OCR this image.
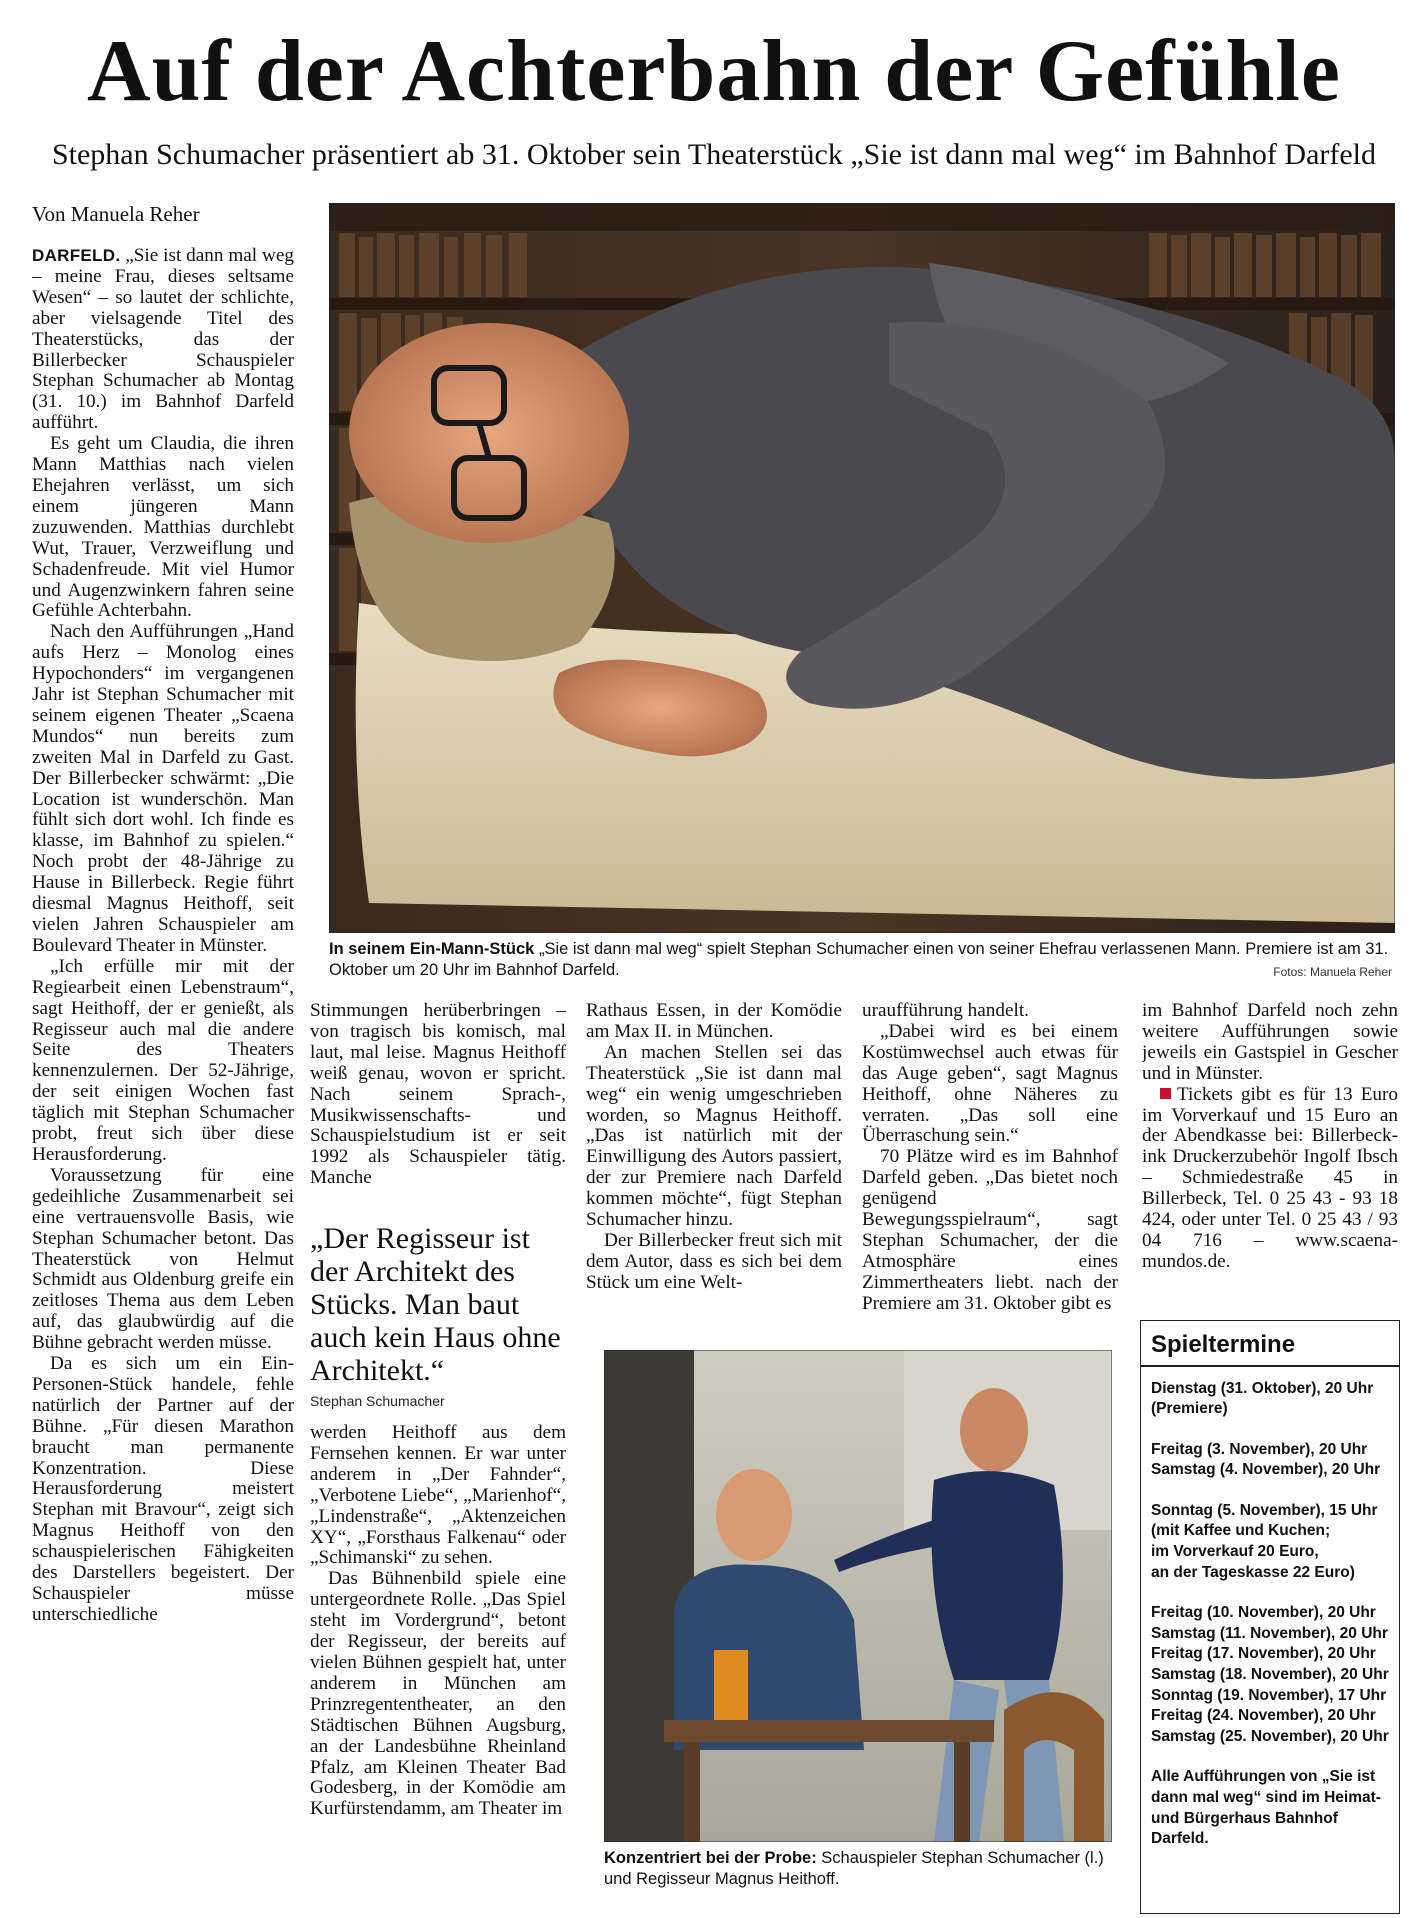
Auf der Achterbahn der Gefühle
Stephan Schumacher präsentiert ab 31. Oktober sein Theaterstück „Sie ist dann mal weg“ im Bahnhof Darfeld
Von Manuela Reher

DARFELD. „Sie ist dann mal weg – meine Frau, dieses seltsame Wesen“ – so lautet der schlichte, aber vielsagende Titel des Theaterstücks, das der Billerbecker Schauspieler Stephan Schumacher ab Montag (31. 10.) im Bahnhof Darfeld aufführt.

Es geht um Claudia, die ihren Mann Matthias nach vielen Ehejahren verlässt, um sich einem jüngeren Mann zuzuwenden. Matthias durchlebt Wut, Trauer, Verzweiflung und Schadenfreude. Mit viel Humor und Augenzwinkern fahren seine Gefühle Achterbahn.

Nach den Aufführungen „Hand aufs Herz – Monolog eines Hypochonders“ im vergangenen Jahr ist Stephan Schumacher mit seinem eigenen Theater „Scaena Mundos“ nun bereits zum zweiten Mal in Darfeld zu Gast. Der Billerbecker schwärmt: „Die Location ist wunderschön. Man fühlt sich dort wohl. Ich finde es klasse, im Bahnhof zu spielen.“ Noch probt der 48-Jährige zu Hause in Billerbeck. Regie führt diesmal Magnus Heithoff, seit vielen Jahren Schauspieler am Boulevard Theater in Münster.

„Ich erfülle mir mit der Regiearbeit einen Lebenstraum“, sagt Heithoff, der er genießt, als Regisseur auch mal die andere Seite des Theaters kennenzulernen. Der 52-Jährige, der seit einigen Wochen fast täglich mit Stephan Schumacher probt, freut sich über diese Herausforderung.

Voraussetzung für eine gedeihliche Zusammenarbeit sei eine vertrauensvolle Basis, wie Stephan Schumacher betont. Das Theaterstück von Helmut Schmidt aus Oldenburg greife ein zeitloses Thema aus dem Leben auf, das glaubwürdig auf die Bühne gebracht werden müsse.

Da es sich um ein Ein-Personen-Stück handele, fehle natürlich der Partner auf der Bühne. „Für diesen Marathon braucht man permanente Konzentration. Diese Herausforderung meistert Stephan mit Bravour“, zeigt sich Magnus Heithoff von den schauspielerischen Fähigkeiten des Darstellers begeistert. Der Schauspieler müsse unterschiedliche

In seinem Ein-Mann-Stück „Sie ist dann mal weg“ spielt Stephan Schumacher einen von seiner Ehefrau verlassenen Mann. Premiere ist am 31. Oktober um 20 Uhr im Bahnhof Darfeld.	Fotos: Manuela Reher

Stimmungen herüberbringen – von tragisch bis komisch, mal laut, mal leise. Magnus Heithoff weiß genau, wovon er spricht. Nach seinem Sprach-, Musikwissenschafts- und Schauspielstudium ist er seit 1992 als Schauspieler tätig. Manche

„Der Regisseur ist der Architekt des Stücks. Man baut auch kein Haus ohne Architekt.“
Stephan Schumacher

werden Heithoff aus dem Fernsehen kennen. Er war unter anderem in „Der Fahnder“, „Verbotene Liebe“, „Marienhof“, „Lindenstraße“, „Aktenzeichen XY“, „Forsthaus Falkenau“ oder „Schimanski“ zu sehen.

Das Bühnenbild spiele eine untergeordnete Rolle. „Das Spiel steht im Vordergrund“, betont der Regisseur, der bereits auf vielen Bühnen gespielt hat, unter anderem in München am Prinzregententheater, an den Städtischen Bühnen Augsburg, an der Landesbühne Rheinland Pfalz, am Kleinen Theater Bad Godesberg, in der Komödie am Kurfürstendamm, am Theater im

Rathaus Essen, in der Komödie am Max II. in München.

An machen Stellen sei das Theaterstück „Sie ist dann mal weg“ ein wenig umgeschrieben worden, so Magnus Heithoff. „Das ist natürlich mit der Einwilligung des Autors passiert, der zur Premiere nach Darfeld kommen möchte“, fügt Stephan Schumacher hinzu.

Der Billerbecker freut sich mit dem Autor, dass es sich bei dem Stück um eine Welt-

uraufführung handelt.

„Dabei wird es bei einem Kostümwechsel auch etwas für das Auge geben“, sagt Magnus Heithoff, ohne Näheres zu verraten. „Das soll eine Überraschung sein.“

70 Plätze wird es im Bahnhof Darfeld geben. „Das bietet noch genügend Bewegungsspielraum“, sagt Stephan Schumacher, der die Atmosphäre eines Zimmertheaters liebt. nach der Premiere am 31. Oktober gibt es

Konzentriert bei der Probe: Schauspieler Stephan Schumacher (l.) und Regisseur Magnus Heithoff.

im Bahnhof Darfeld noch zehn weitere Aufführungen sowie jeweils ein Gastspiel in Gescher und in Münster.

Tickets gibt es für 13 Euro im Vorverkauf und 15 Euro an der Abendkasse bei: Billerbeck-ink Druckerzubehör Ingolf Ibsch – Schmiedestraße 45 in Billerbeck, Tel. 0 25 43 - 93 18 424, oder unter Tel. 0 25 43 / 93 04 716 – www.scaena-mundos.de.

Spieltermine
Dienstag (31. Oktober), 20 Uhr
(Premiere)
Freitag (3. November), 20 Uhr
Samstag (4. November), 20 Uhr
Sonntag (5. November), 15 Uhr
(mit Kaffee und Kuchen;
im Vorverkauf 20 Euro,
an der Tageskasse 22 Euro)
Freitag (10. November), 20 Uhr
Samstag (11. November), 20 Uhr
Freitag (17. November), 20 Uhr
Samstag (18. November), 20 Uhr
Sonntag (19. November), 17 Uhr
Freitag (24. November), 20 Uhr
Samstag (25. November), 20 Uhr
Alle Aufführungen von „Sie ist dann mal weg“ sind im Heimat- und Bürgerhaus Bahnhof Darfeld.
